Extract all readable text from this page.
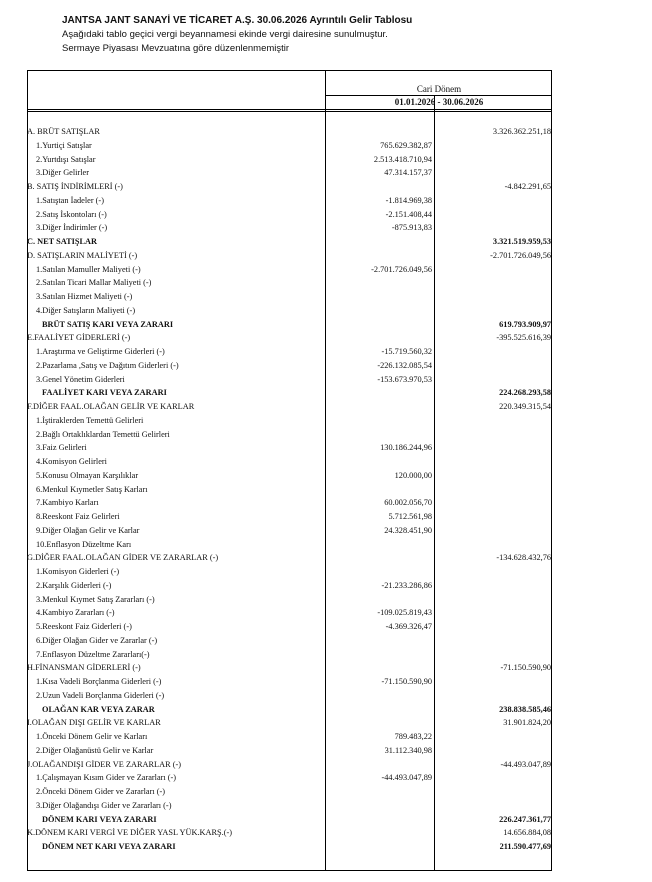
JANTSA JANT SANAYİ VE TİCARET A.Ş. 30.06.2026 Ayrıntılı Gelir Tablosu
Aşağıdaki tablo geçici vergi beyannamesi ekinde vergi dairesine sunulmuştur.
Sermaye Piyasası Mevzuatına göre düzenlenmemiştir
Cari Dönem
01.01.2026 - 30.06.2026
A. BRÜT SATIŞLAR	3.326.362.251,18
1.Yurtiçi Satışlar	765.629.382,87
2.Yurtdışı Satışlar	2.513.418.710,94
3.Diğer Gelirler	47.314.157,37
B. SATIŞ İNDİRİMLERİ (-)	-4.842.291,65
1.Satıştan İadeler (-)	-1.814.969,38
2.Satış İskontoları (-)	-2.151.408,44
3.Diğer İndirimler (-)	-875.913,83
C. NET SATIŞLAR	3.321.519.959,53
D. SATIŞLARIN MALİYETİ (-)	-2.701.726.049,56
1.Satılan Mamuller Maliyeti (-)	-2.701.726.049,56
2.Satılan Ticari Mallar Maliyeti (-)
3.Satılan Hizmet Maliyeti (-)
4.Diğer Satışların Maliyeti (-)
BRÜT SATIŞ KARI VEYA ZARARI	619.793.909,97
E.FAALİYET GİDERLERİ (-)	-395.525.616,39
1.Araştırma ve Geliştirme Giderleri (-)	-15.719.560,32
2.Pazarlama ,Satış ve Dağıtım Giderleri (-)	-226.132.085,54
3.Genel Yönetim Giderleri	-153.673.970,53
FAALİYET KARI VEYA ZARARI	224.268.293,58
F.DİĞER FAAL.OLAĞAN GELİR VE KARLAR	220.349.315,54
1.İştiraklerden Temettü Gelirleri
2.Bağlı Ortaklıklardan Temettü Gelirleri
3.Faiz Gelirleri	130.186.244,96
4.Komisyon Gelirleri
5.Konusu Olmayan Karşılıklar	120.000,00
6.Menkul Kıymetler Satış Karları
7.Kambiyo Karları	60.002.056,70
8.Reeskont Faiz Gelirleri	5.712.561,98
9.Diğer Olağan Gelir ve Karlar	24.328.451,90
10.Enflasyon Düzeltme Karı
G.DİĞER FAAL.OLAĞAN GİDER VE ZARARLAR (-)	-134.628.432,76
1.Komisyon Giderleri (-)
2.Karşılık Giderleri (-)	-21.233.286,86
3.Menkul Kıymet Satış Zararları (-)
4.Kambiyo Zararları (-)	-109.025.819,43
5.Reeskont Faiz Giderleri (-)	-4.369.326,47
6.Diğer Olağan Gider ve Zararlar (-)
7.Enflasyon Düzeltme Zararları(-)
H.FİNANSMAN GİDERLERİ (-)	-71.150.590,90
1.Kısa Vadeli Borçlanma Giderleri (-)	-71.150.590,90
2.Uzun Vadeli Borçlanma Giderleri (-)
OLAĞAN KAR VEYA ZARAR	238.838.585,46
I.OLAĞAN DIŞI GELİR VE KARLAR	31.901.824,20
1.Önceki Dönem Gelir ve Karları	789.483,22
2.Diğer Olağanüstü Gelir ve Karlar	31.112.340,98
J.OLAĞANDIŞI GİDER VE ZARARLAR (-)	-44.493.047,89
1.Çalışmayan Kısım Gider ve Zararları (-)	-44.493.047,89
2.Önceki Dönem Gider ve Zararları (-)
3.Diğer Olağandışı Gider ve Zararları (-)
DÖNEM KARI VEYA ZARARI	226.247.361,77
K.DÖNEM KARI VERGİ VE DİĞER YASL YÜK.KARŞ.(-)	14.656.884,08
DÖNEM NET KARI VEYA ZARARI	211.590.477,69
